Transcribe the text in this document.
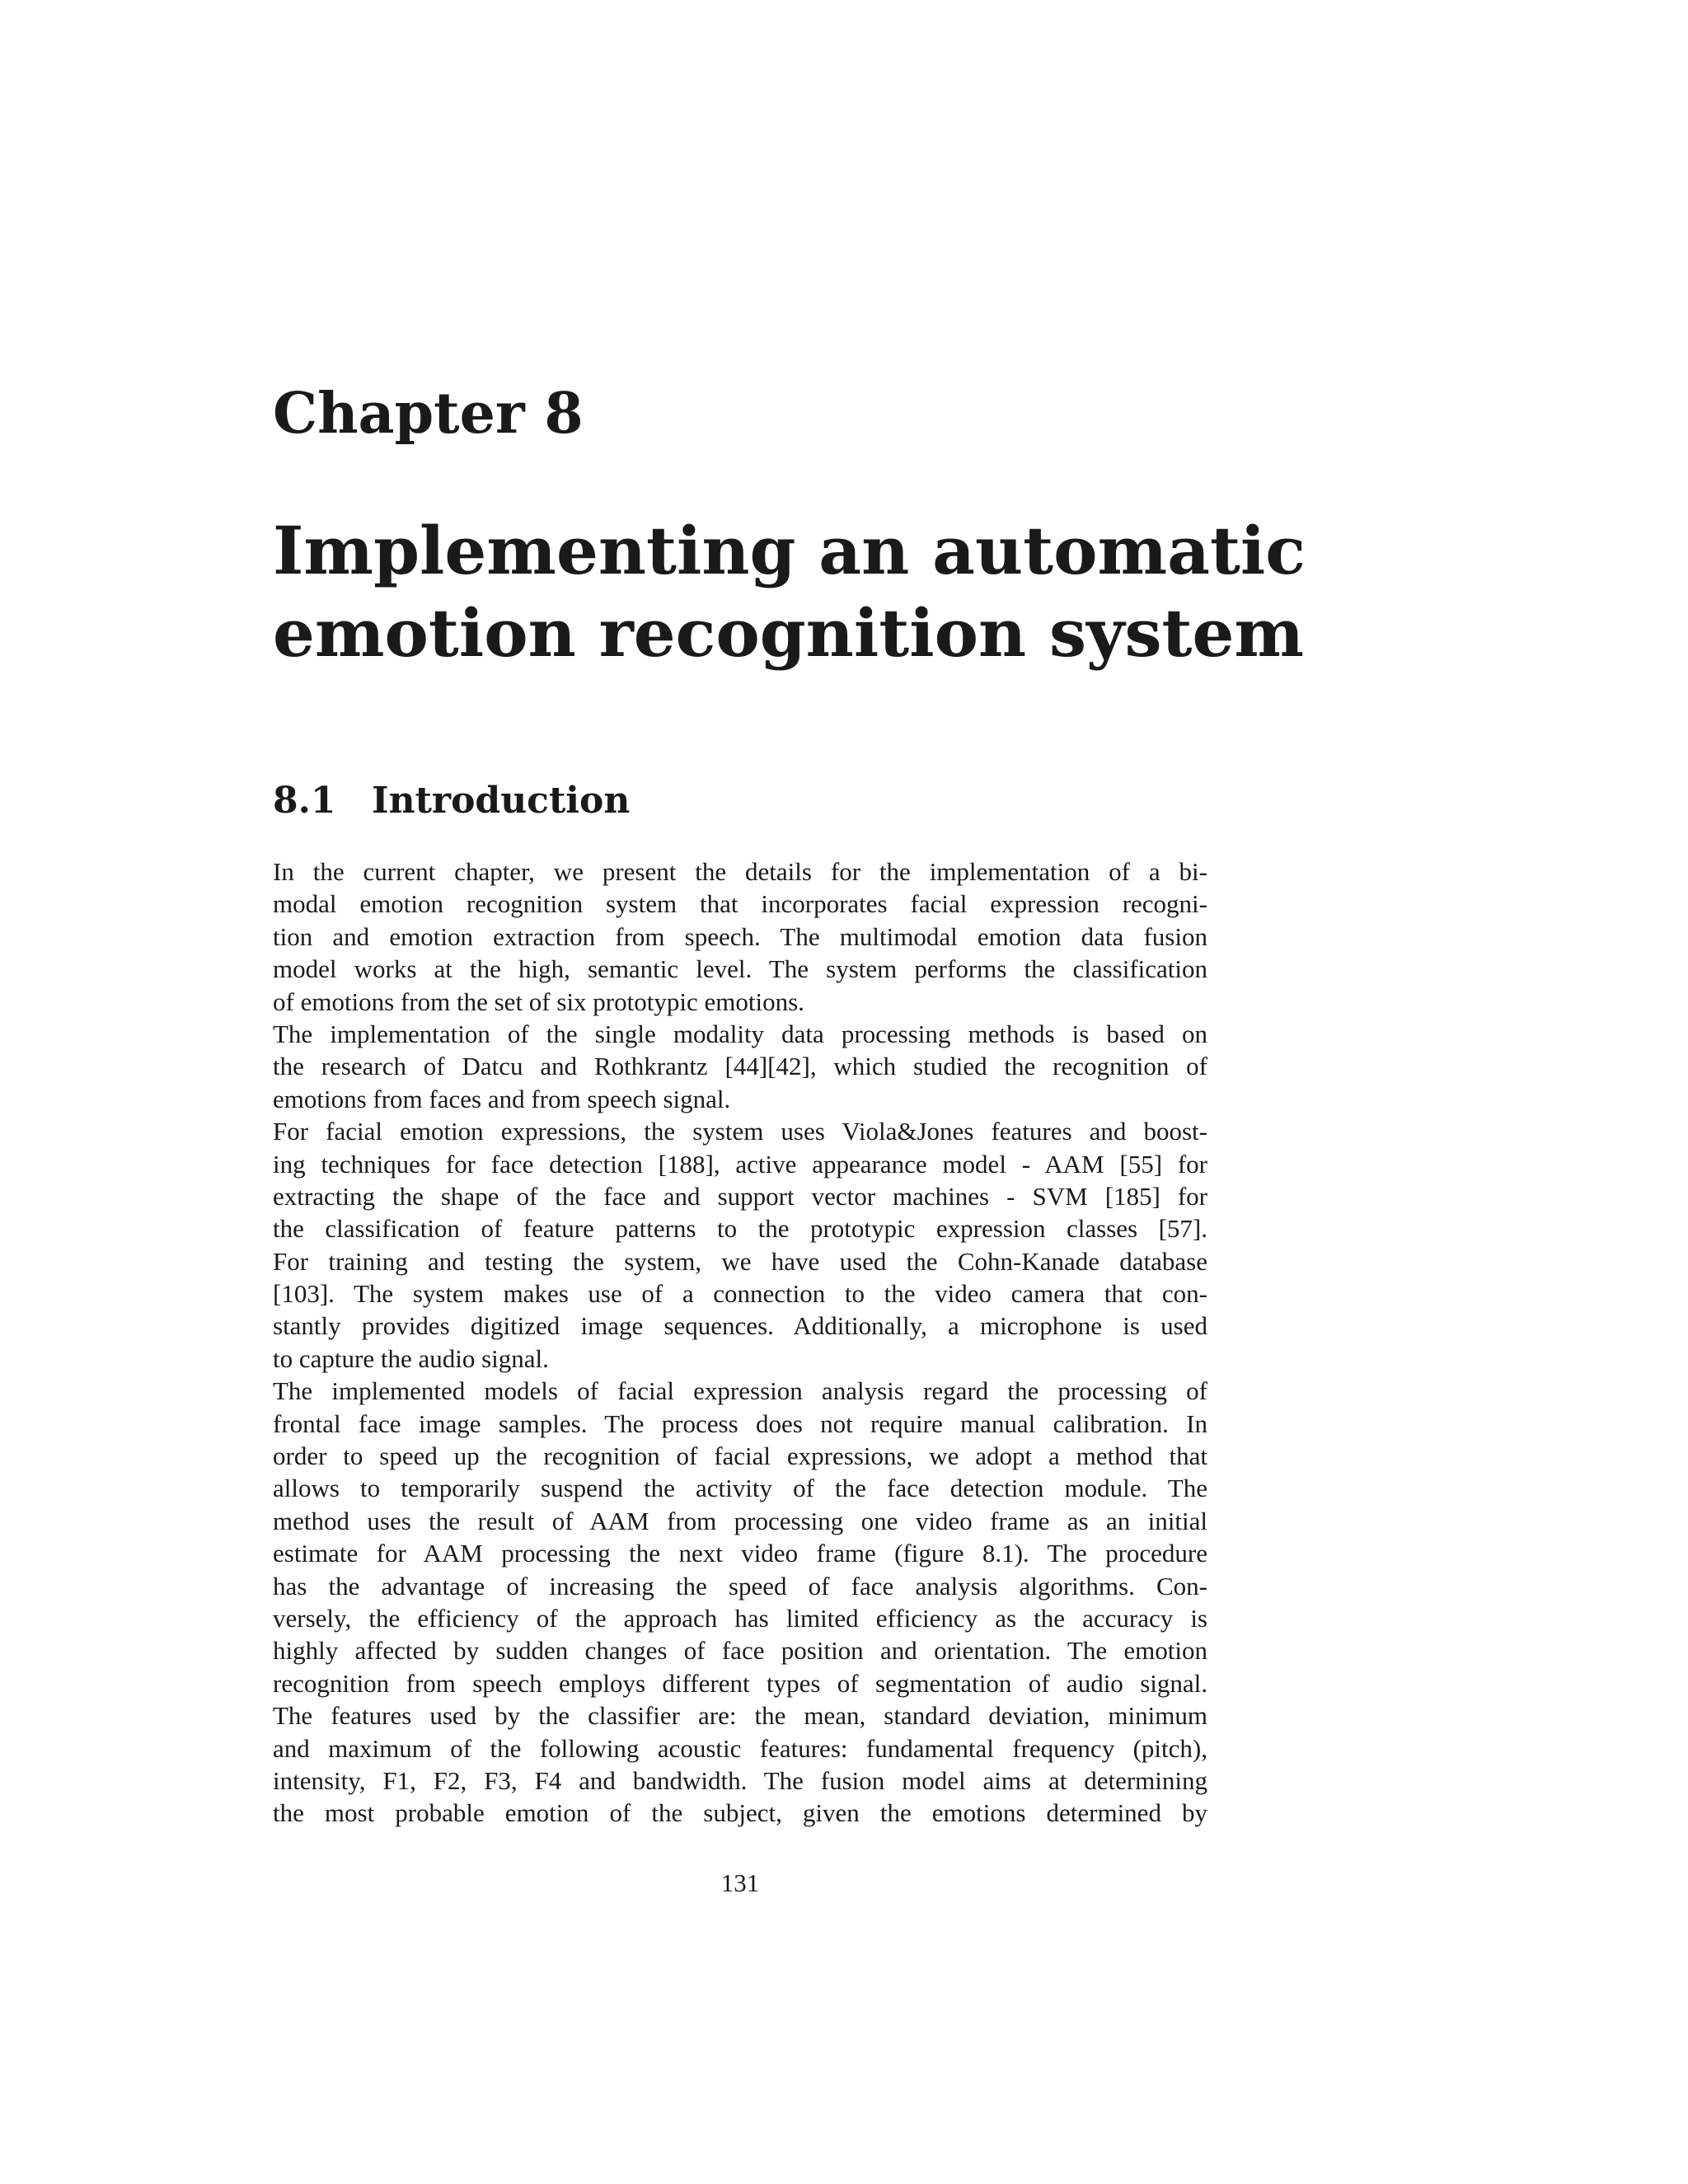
Chapter 8
Implementing an automatic
emotion recognition system
8.1 Introduction
In the current chapter, we present the details for the implementation of a bi-
modal emotion recognition system that incorporates facial expression recogni-
tion and emotion extraction from speech. The multimodal emotion data fusion
model works at the high, semantic level. The system performs the classification
of emotions from the set of six prototypic emotions.
The implementation of the single modality data processing methods is based on
the research of Datcu and Rothkrantz [44][42], which studied the recognition of
emotions from faces and from speech signal.
For facial emotion expressions, the system uses Viola&Jones features and boost-
ing techniques for face detection [188], active appearance model - AAM [55] for
extracting the shape of the face and support vector machines - SVM [185] for
the classification of feature patterns to the prototypic expression classes [57].
For training and testing the system, we have used the Cohn-Kanade database
[103]. The system makes use of a connection to the video camera that con-
stantly provides digitized image sequences. Additionally, a microphone is used
to capture the audio signal.
The implemented models of facial expression analysis regard the processing of
frontal face image samples. The process does not require manual calibration. In
order to speed up the recognition of facial expressions, we adopt a method that
allows to temporarily suspend the activity of the face detection module. The
method uses the result of AAM from processing one video frame as an initial
estimate for AAM processing the next video frame (figure 8.1). The procedure
has the advantage of increasing the speed of face analysis algorithms. Con-
versely, the efficiency of the approach has limited efficiency as the accuracy is
highly affected by sudden changes of face position and orientation. The emotion
recognition from speech employs different types of segmentation of audio signal.
The features used by the classifier are: the mean, standard deviation, minimum
and maximum of the following acoustic features: fundamental frequency (pitch),
intensity, F1, F2, F3, F4 and bandwidth. The fusion model aims at determining
the most probable emotion of the subject, given the emotions determined by
131
